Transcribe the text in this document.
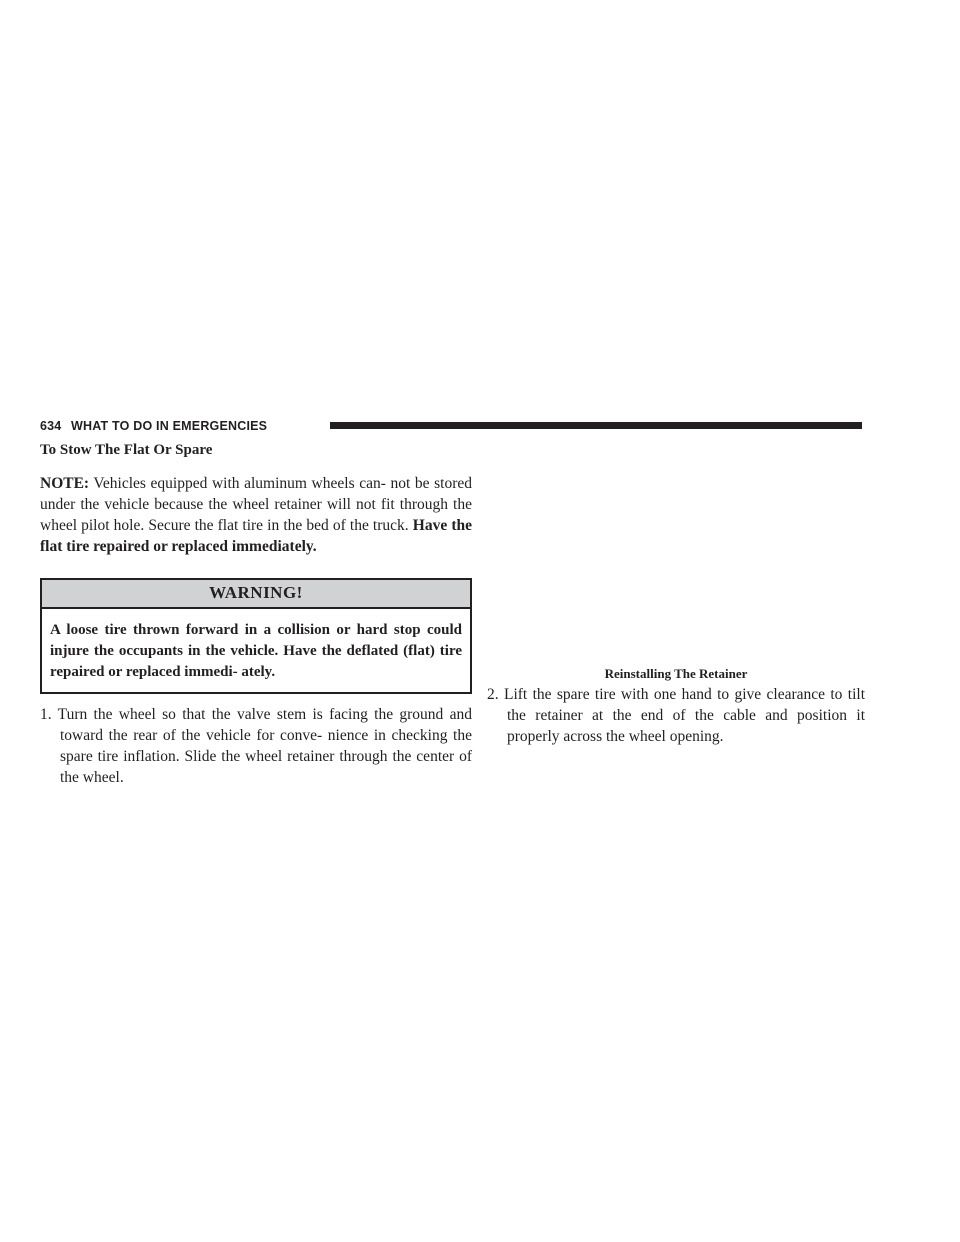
634 WHAT TO DO IN EMERGENCIES
To Stow The Flat Or Spare

NOTE: Vehicles equipped with aluminum wheels can- not be stored under the vehicle because the wheel retainer will not fit through the wheel pilot hole. Secure the flat tire in the bed of the truck. Have the flat tire repaired or replaced immediately.

WARNING!
A loose tire thrown forward in a collision or hard stop could injure the occupants in the vehicle. Have the deflated (flat) tire repaired or replaced immedi- ately.

1. Turn the wheel so that the valve stem is facing the ground and toward the rear of the vehicle for conve- nience in checking the spare tire inflation. Slide the wheel retainer through the center of the wheel.

Reinstalling The Retainer

2. Lift the spare tire with one hand to give clearance to tilt the retainer at the end of the cable and position it properly across the wheel opening.
